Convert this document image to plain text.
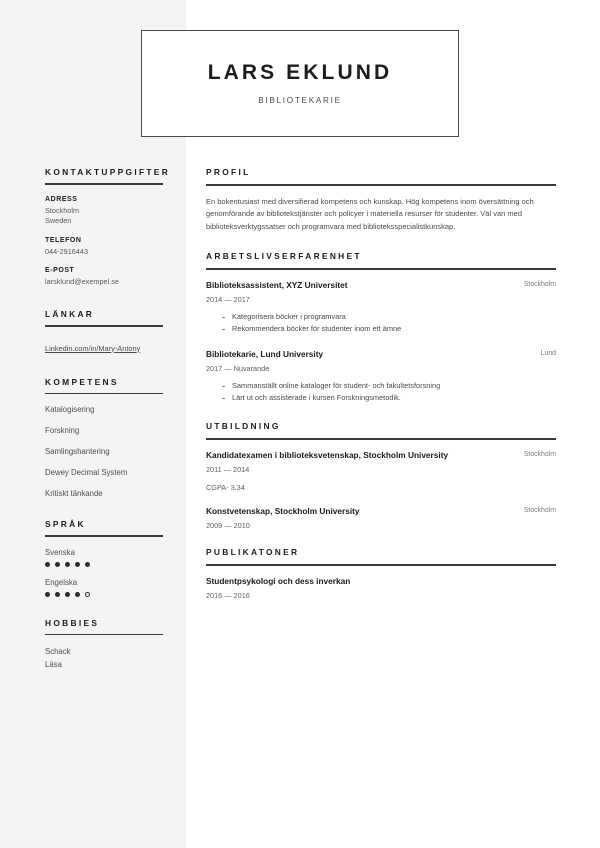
LARS EKLUND
BIBLIOTEKARIE
KONTAKTUPPGIFTER
ADRESS
Stockholm
Sweden
TELEFON
044-2916443
E-POST
larsklund@exempel.se
LÄNKAR
Linkedin.com/in/Mary-Antony
KOMPETENS
Katalogisering
Forskning
Samlingshantering
Dewey Decimal System
Kritiskt tänkande
SPRÅK
Svenska
Engelska
HOBBIES
Schack
Läsa
PROFIL
En bokentusiast med diversifierad kompetens och kunskap. Hög kompetens inom översättning och genomförande av bibliotekstjänster och policyer i materiella resurser för studenter. Väl van med biblioteksverktygssatser och programvara med biblioteksspecialistkunskap.
ARBETSLIVSERFARENHET
Biblioteksassistent, XYZ Universitet	Stockholm
2014 — 2017
Kategorisera böcker i programvara
Rekommendera böcker för studenter inom ett ämne
Bibliotekarie, Lund University	Lund
2017 — Nuvarande
Sammanställt online kataloger för student- och fakultetsforsning
Lärt ut och assisterade i kursen Forskningsmetodik.
UTBILDNING
Kandidatexamen i biblioteksvetenskap, Stockholm University	Stockholm
2011 — 2014
CGPA- 3.34
Konstvetenskap, Stockholm University	Stockholm
2009 — 2010
PUBLIKATONER
Studentpsykologi och dess inverkan
2016 — 2016
